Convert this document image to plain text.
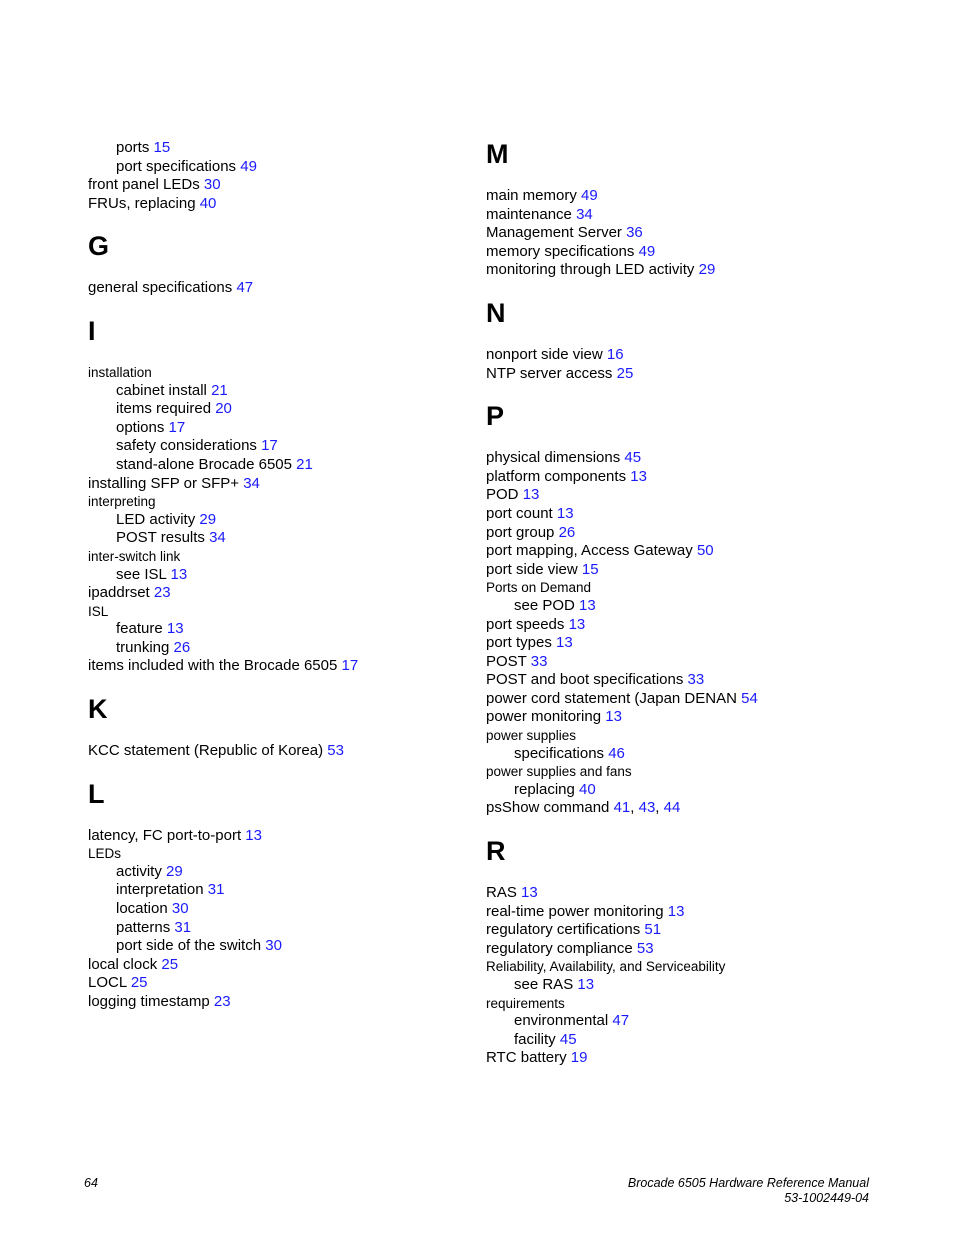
ports 15
port specifications 49
front panel LEDs 30
FRUs, replacing 40
G
general specifications 47
I
installation
cabinet install 21
items required 20
options 17
safety considerations 17
stand-alone Brocade 6505 21
installing SFP or SFP+ 34
interpreting
LED activity 29
POST results 34
inter-switch link
see ISL 13
ipaddrset 23
ISL
feature 13
trunking 26
items included with the Brocade 6505 17
K
KCC statement (Republic of Korea) 53
L
latency, FC port-to-port 13
LEDs
activity 29
interpretation 31
location 30
patterns 31
port side of the switch 30
local clock 25
LOCL 25
logging timestamp 23
M
main memory 49
maintenance 34
Management Server 36
memory specifications 49
monitoring through LED activity 29
N
nonport side view 16
NTP server access 25
P
physical dimensions 45
platform components 13
POD 13
port count 13
port group 26
port mapping, Access Gateway 50
port side view 15
Ports on Demand
see POD 13
port speeds 13
port types 13
POST 33
POST and boot specifications 33
power cord statement (Japan DENAN 54
power monitoring 13
power supplies
specifications 46
power supplies and fans
replacing 40
psShow command 41, 43, 44
R
RAS 13
real-time power monitoring 13
regulatory certifications 51
regulatory compliance 53
Reliability, Availability, and Serviceability
see RAS 13
requirements
environmental 47
facility 45
RTC battery 19
64	Brocade 6505 Hardware Reference Manual
53-1002449-04
